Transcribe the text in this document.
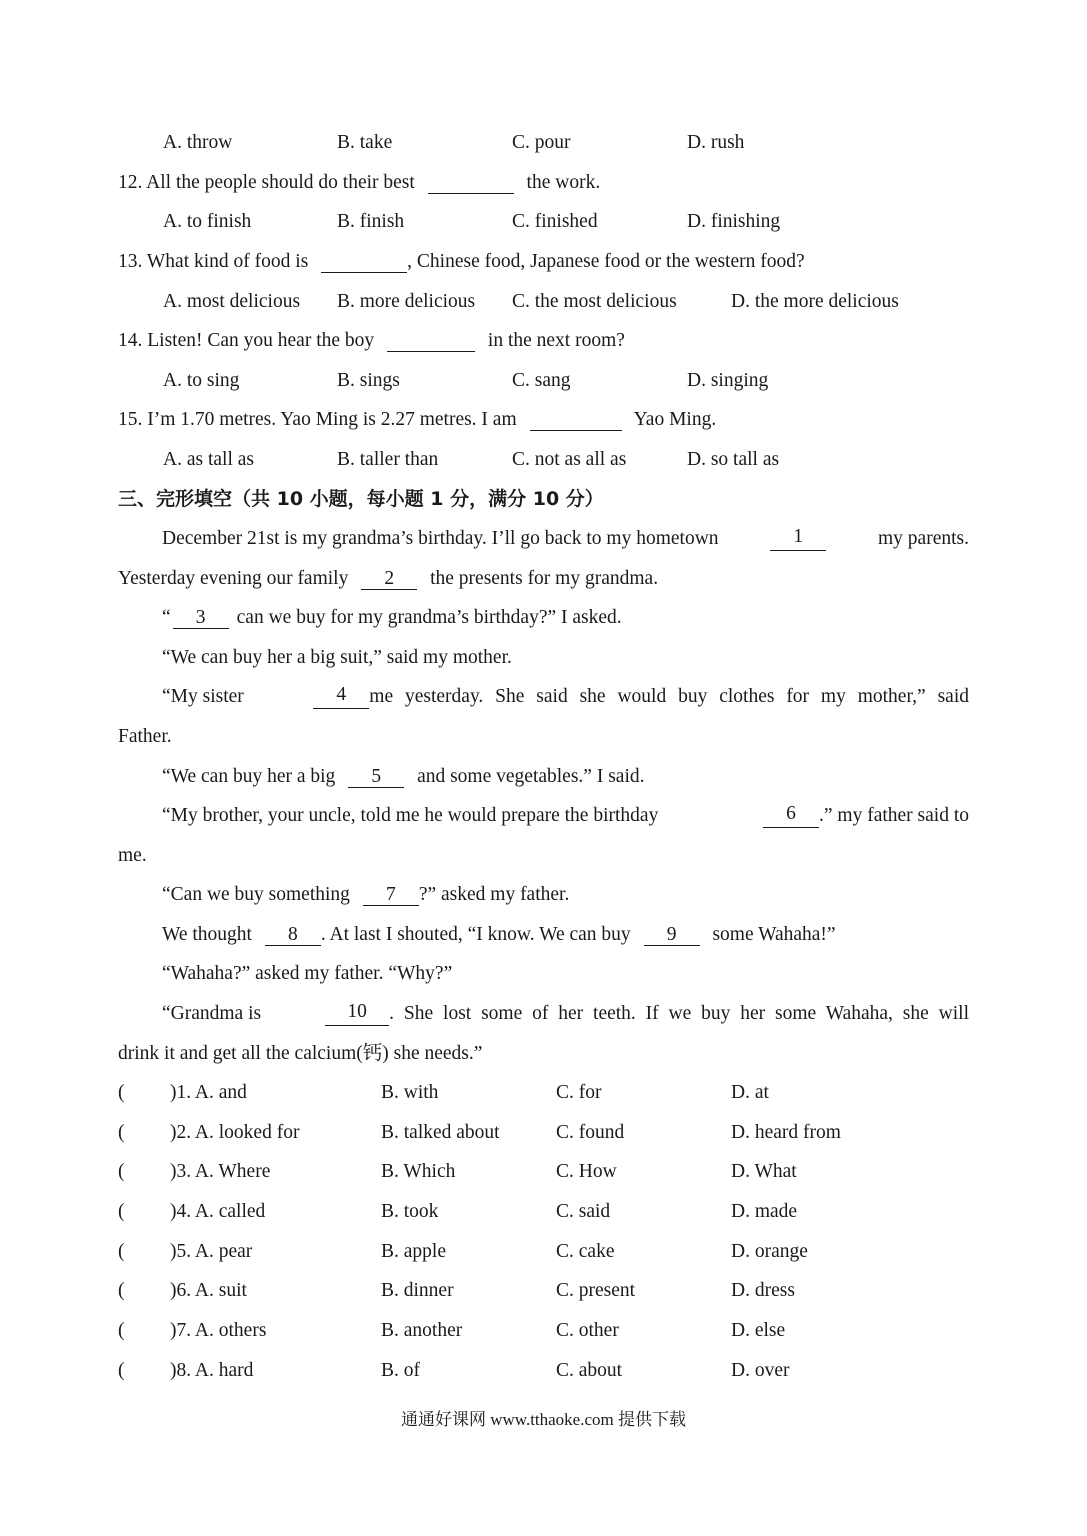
A. throw	B. take	C. pour	D. rush
12. All the people should do their best	the work.
A. to finish	B. finish	C. finished	D. finishing
13. What kind of food is	, Chinese food, Japanese food or the western food?
A. most delicious B. more delicious C. the most delicious	D. the more delicious
14. Listen! Can you hear the boy	in the next room?
A. to sing	B. sings	C. sang	D. singing
15. I’m 1.70 metres. Yao Ming is 2.27 metres. I am	Yao Ming.
A. as tall as	B. taller than	C. not as all as	D. so tall as
三、完形填空（共 10 小题，每小题 1 分，满分 10 分）
December 21st is my grandma’s birthday. I’ll go back to my hometown	1	my parents.
Yesterday evening our family 2 the presents for my grandma.
“ 3 can we buy for my grandma’s birthday?” I asked.
“We can buy her a big suit,” said my mother.
“My sister	4	me yesterday. She said she would buy clothes for my mother,” said
Father.
“We can buy her a big 5 and some vegetables.” I said.
“My brother, your uncle, told me he would prepare the birthday	6	.” my father said to
me.
“Can we buy something 7 ?” asked my father.
We thought 8 . At last I shouted, “I know. We can buy 9 some Wahaha!”
“Wahaha?” asked my father. “Why?”
“Grandma is	10	. She lost some of her teeth. If we buy her some Wahaha, she will
drink it and get all the calcium(钙) she needs.”
( )1. A. and	B. with	C. for	D. at
( )2. A. looked for	B. talked about	C. found	D. heard from
( )3. A. Where	B. Which	C. How	D. What
( )4. A. called	B. took	C. said	D. made
( )5. A. pear	B. apple	C. cake	D. orange
( )6. A. suit	B. dinner	C. present	D. dress
( )7. A. others	B. another	C. other	D. else
( )8. A. hard	B. of	C. about	D. over
通通好课网 www.tthaoke.com 提供下载
